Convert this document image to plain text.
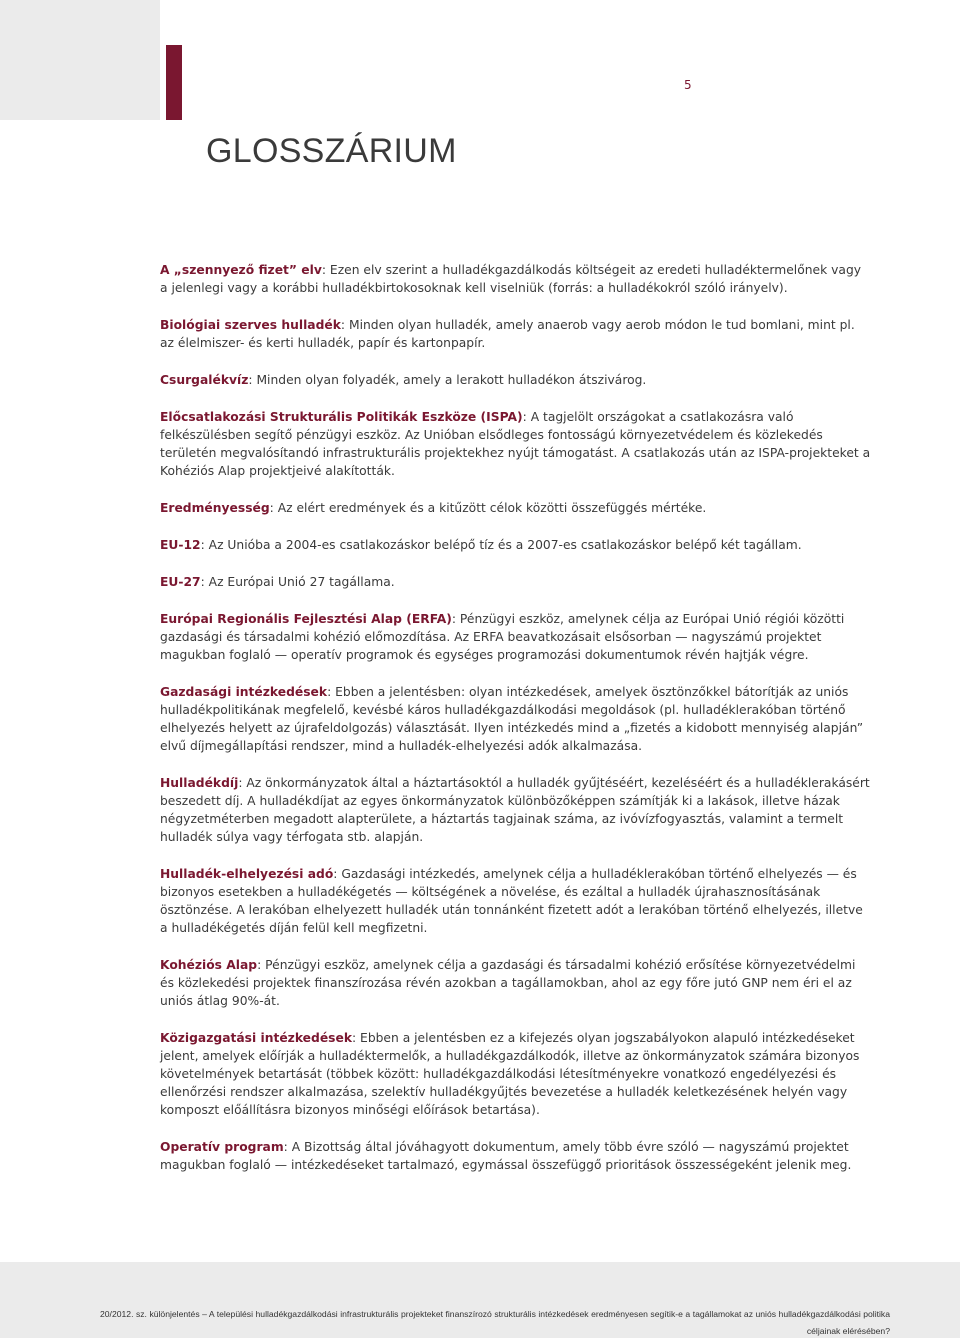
5
GLOSSZÁRIUM

A „szennyező fizet” elv: Ezen elv szerint a hulladékgazdálkodás költségeit az eredeti hulladéktermelőnek vagy a jelenlegi vagy a korábbi hulladékbirtokosoknak kell viselniük (forrás: a hulladékokról szóló irányelv).

Biológiai szerves hulladék: Minden olyan hulladék, amely anaerob vagy aerob módon le tud bomlani, mint pl. az élelmiszer- és kerti hulladék, papír és kartonpapír.

Csurgalékvíz: Minden olyan folyadék, amely a lerakott hulladékon átszivárog.

Előcsatlakozási Strukturális Politikák Eszköze (ISPA): A tagjelölt országokat a csatlakozásra való felkészülésben segítő pénzügyi eszköz. Az Unióban elsődleges fontosságú környezetvédelem és közlekedés területén megvalósítandó infrastrukturális projektekhez nyújt támogatást. A csatlakozás után az ISPA-projekteket a Kohéziós Alap projektjeivé alakították.

Eredményesség: Az elért eredmények és a kitűzött célok közötti összefüggés mértéke.

EU-12: Az Unióba a 2004-es csatlakozáskor belépő tíz és a 2007-es csatlakozáskor belépő két tagállam.

EU-27: Az Európai Unió 27 tagállama.

Európai Regionális Fejlesztési Alap (ERFA): Pénzügyi eszköz, amelynek célja az Európai Unió régiói közötti gazdasági és társadalmi kohézió előmozdítása. Az ERFA beavatkozásait elsősorban — nagyszámú projektet magukban foglaló — operatív programok és egységes programozási dokumentumok révén hajtják végre.

Gazdasági intézkedések: Ebben a jelentésben: olyan intézkedések, amelyek ösztönzőkkel bátorítják az uniós hulladékpolitikának megfelelő, kevésbé káros hulladékgazdálkodási megoldások (pl. hulladéklerakóban történő elhelyezés helyett az újrafeldolgozás) választását. Ilyen intézkedés mind a „fizetés a kidobott mennyiség alapján” elvű díjmegállapítási rendszer, mind a hulladék-elhelyezési adók alkalmazása.

Hulladékdíj: Az önkormányzatok által a háztartásoktól a hulladék gyűjtéséért, kezeléséért és a hulladéklerakásért beszedett díj. A hulladékdíjat az egyes önkormányzatok különbözőképpen számítják ki a lakások, illetve házak négyzetméterben megadott alapterülete, a háztartás tagjainak száma, az ivóvízfogyasztás, valamint a termelt hulladék súlya vagy térfogata stb. alapján.

Hulladék-elhelyezési adó: Gazdasági intézkedés, amelynek célja a hulladéklerakóban történő elhelyezés — és bizonyos esetekben a hulladékégetés — költségének a növelése, és ezáltal a hulladék újrahasznosításának ösztönzése. A lerakóban elhelyezett hulladék után tonnánként fizetett adót a lerakóban történő elhelyezés, illetve a hulladékégetés díján felül kell megfizetni.

Kohéziós Alap: Pénzügyi eszköz, amelynek célja a gazdasági és társadalmi kohézió erősítése környezetvédelmi és közlekedési projektek finanszírozása révén azokban a tagállamokban, ahol az egy főre jutó GNP nem éri el az uniós átlag 90%-át.

Közigazgatási intézkedések: Ebben a jelentésben ez a kifejezés olyan jogszabályokon alapuló intézkedéseket jelent, amelyek előírják a hulladéktermelők, a hulladékgazdálkodók, illetve az önkormányzatok számára bizonyos követelmények betartását (többek között: hulladékgazdálkodási létesítményekre vonatkozó engedélyezési és ellenőrzési rendszer alkalmazása, szelektív hulladékgyűjtés bevezetése a hulladék keletkezésének helyén vagy komposzt előállításra bizonyos minőségi előírások betartása).

Operatív program: A Bizottság által jóváhagyott dokumentum, amely több évre szóló — nagyszámú projektet magukban foglaló — intézkedéseket tartalmazó, egymással összefüggő prioritások összességeként jelenik meg.

20/2012. sz. különjelentés – A települési hulladékgazdálkodási infrastrukturális projekteket finanszírozó strukturális intézkedések eredményesen segítik-e a tagállamokat az uniós hulladékgazdálkodási politika céljainak elérésében?
